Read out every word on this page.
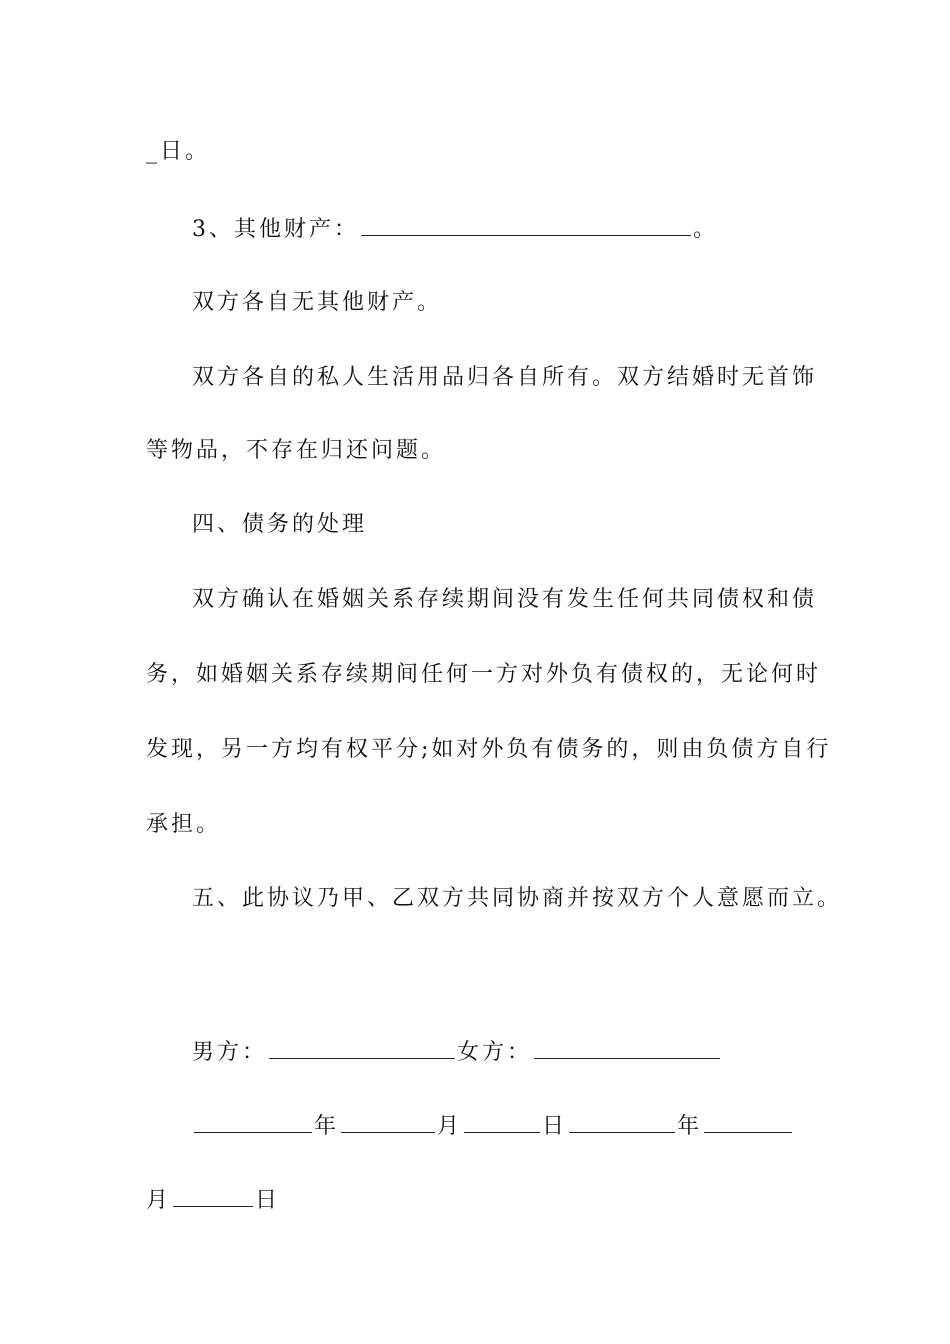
_日。
3、其他财产：	。
双方各自无其他财产。
双方各自的私人生活用品归各自所有。双方结婚时无首饰
等物品，不存在归还问题。
四、债务的处理
双方确认在婚姻关系存续期间没有发生任何共同债权和债
务，如婚姻关系存续期间任何一方对外负有债权的，无论何时
发现，另一方均有权平分;如对外负有债务的，则由负债方自行
承担。
五、此协议乃甲、乙双方共同协商并按双方个人意愿而立。
男方：	女方：
年	月	日	年
月	日
